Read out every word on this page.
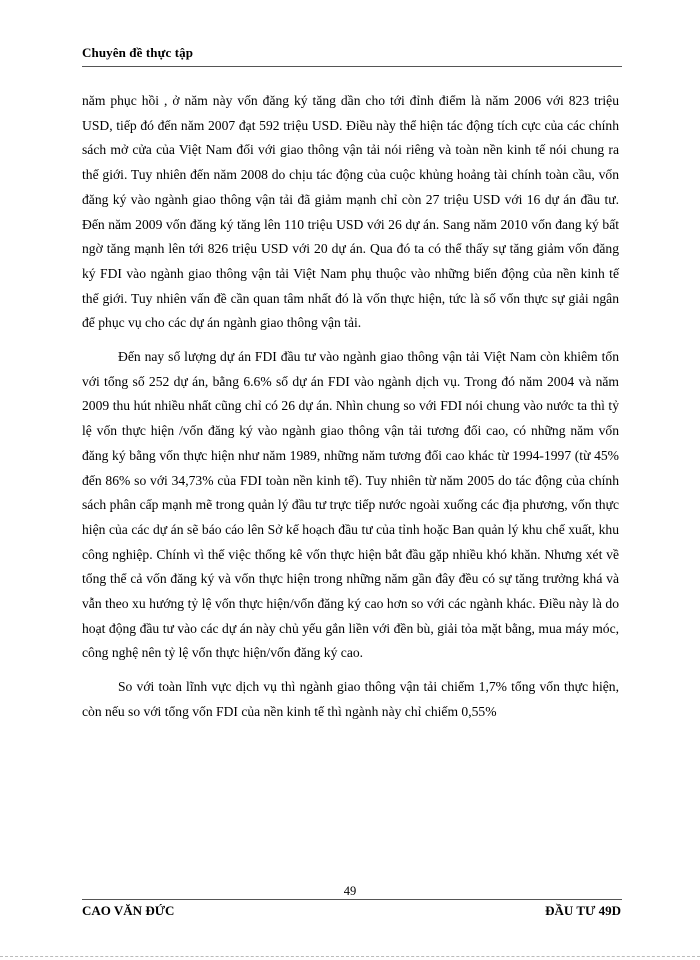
Chuyên đề thực tập

năm phục hồi , ở năm này vốn đăng ký tăng dần cho tới đỉnh điểm là năm 2006 với 823 triệu USD, tiếp đó đến năm 2007 đạt 592 triệu USD. Điều này thể hiện tác động tích cực của các chính sách mở cửa của Việt Nam đối với giao thông vận tải nói riêng và toàn nền kinh tế nói chung ra thế giới. Tuy nhiên đến năm 2008 do chịu tác động của cuộc khủng hoảng tài chính toàn cầu, vốn đăng ký vào ngành giao thông vận tải đã giảm mạnh chỉ còn 27 triệu USD với 16 dự án đầu tư. Đến năm 2009 vốn đăng ký tăng lên 110 triệu USD với 26 dự án. Sang năm 2010 vốn đang ký bất ngờ tăng mạnh lên tới 826 triệu USD với 20 dự án. Qua đó ta có thể thấy sự tăng giảm vốn đăng ký FDI vào ngành giao thông vận tải Việt Nam phụ thuộc vào những biến động của nền kinh tế thế giới. Tuy nhiên vấn đề cần quan tâm nhất đó là vốn thực hiện, tức là số vốn thực sự giải ngân để phục vụ cho các dự án ngành giao thông vận tải.

Đến nay số lượng dự án FDI đầu tư vào ngành giao thông vận tải Việt Nam còn khiêm tốn với tổng số 252 dự án, bằng 6.6% số dự án FDI vào ngành dịch vụ. Trong đó năm 2004 và năm 2009 thu hút nhiều nhất cũng chỉ có 26 dự án. Nhìn chung so với FDI nói chung vào nước ta thì tỷ lệ vốn thực hiện /vốn đăng ký vào ngành giao thông vận tải tương đối cao, có những năm vốn đăng ký bằng vốn thực hiện như năm 1989, những năm tương đối cao khác từ 1994-1997 (từ 45% đến 86% so với 34,73% của FDI toàn nền kinh tế). Tuy nhiên từ năm 2005 do tác động của chính sách phân cấp mạnh mẽ trong quản lý đầu tư trực tiếp nước ngoài xuống các địa phương, vốn thực hiện của các dự án sẽ báo cáo lên Sở kế hoạch đầu tư của tỉnh hoặc Ban quản lý khu chế xuất, khu công nghiệp. Chính vì thế việc thống kê vốn thực hiện bắt đầu gặp nhiều khó khăn. Nhưng xét về tổng thể cả vốn đăng ký và vốn thực hiện trong những năm gần đây đều có sự tăng trưởng khá và vẫn theo xu hướng tỷ lệ vốn thực hiện/vốn đăng ký cao hơn so với các ngành khác. Điều này là do hoạt động đầu tư vào các dự án này chủ yếu gắn liền với đền bù, giải tỏa mặt bằng, mua máy móc, công nghệ nên tỷ lệ vốn thực hiện/vốn đăng ký cao.

So với toàn lĩnh vực dịch vụ thì ngành giao thông vận tải chiếm 1,7% tổng vốn thực hiện, còn nếu so với tổng vốn FDI của nền kinh tế thì ngành này chỉ chiếm 0,55%

49
CAO VĂN ĐỨC	ĐẦU TƯ 49D
